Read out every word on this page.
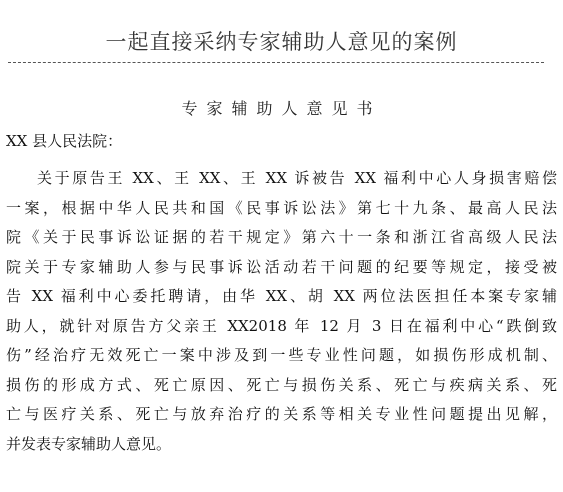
一起直接采纳专家辅助人意见的案例
专家辅助人意见书
XX 县人民法院：
关于原告王 XX、王 XX、王 XX 诉被告 XX 福利中心人身损害赔偿
一案，根据中华人民共和国《民事诉讼法》第七十九条、最高人民法
院《关于民事诉讼证据的若干规定》第六十一条和浙江省高级人民法
院关于专家辅助人参与民事诉讼活动若干问题的纪要等规定，接受被
告 XX 福利中心委托聘请，由华 XX、胡 XX 两位法医担任本案专家辅
助人，就针对原告方父亲王 XX2018 年 12 月 3 日在福利中心“跌倒致
伤”经治疗无效死亡一案中涉及到一些专业性问题，如损伤形成机制、
损伤的形成方式、死亡原因、死亡与损伤关系、死亡与疾病关系、死
亡与医疗关系、死亡与放弃治疗的关系等相关专业性问题提出见解，
并发表专家辅助人意见。
